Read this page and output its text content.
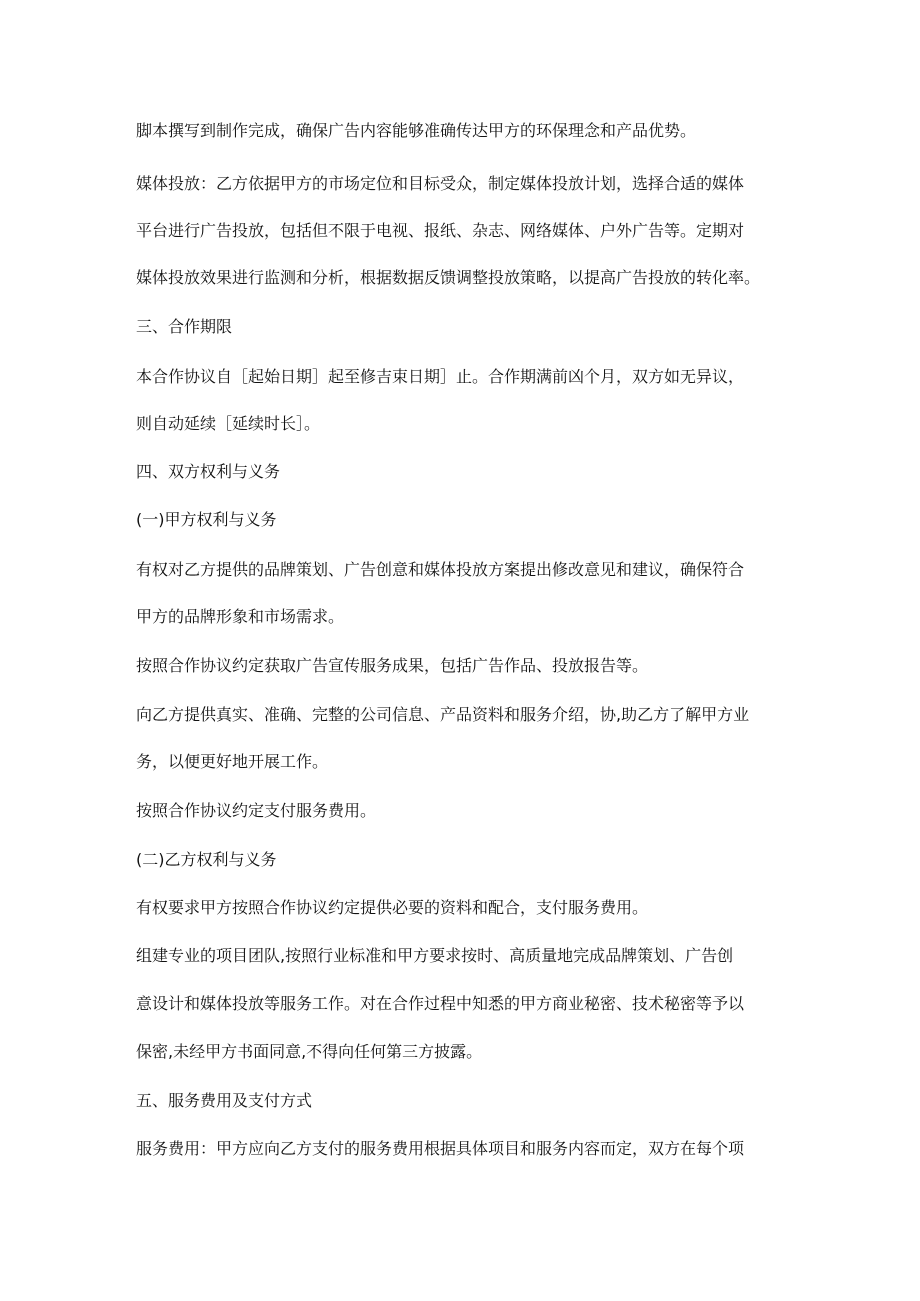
脚本撰写到制作完成，确保广告内容能够准确传达甲方的环保理念和产品优势。

媒体投放：乙方依据甲方的市场定位和目标受众，制定媒体投放计划，选择合适的媒体

平台进行广告投放，包括但不限于电视、报纸、杂志、网络媒体、户外广告等。定期对

媒体投放效果进行监测和分析，根据数据反馈调整投放策略，以提高广告投放的转化率。

三、合作期限

本合作协议自［起始日期］起至修吉束日期］止。合作期满前凶个月，双方如无异议，

则自动延续［延续时长］。

四、双方权利与义务

(一)甲方权利与义务

有权对乙方提供的品牌策划、广告创意和媒体投放方案提出修改意见和建议，确保符合

甲方的品牌形象和市场需求。

按照合作协议约定获取广告宣传服务成果，包括广告作品、投放报告等。

向乙方提供真实、准确、完整的公司信息、产品资料和服务介绍，协,助乙方了解甲方业

务，以便更好地开展工作。

按照合作协议约定支付服务费用。

(二)乙方权利与义务

有权要求甲方按照合作协议约定提供必要的资料和配合，支付服务费用。

组建专业的项目团队,按照行业标准和甲方要求按时、高质量地完成品牌策划、广告创

意设计和媒体投放等服务工作。对在合作过程中知悉的甲方商业秘密、技术秘密等予以

保密,未经甲方书面同意,不得向任何第三方披露。

五、服务费用及支付方式

服务费用：甲方应向乙方支付的服务费用根据具体项目和服务内容而定，双方在每个项
